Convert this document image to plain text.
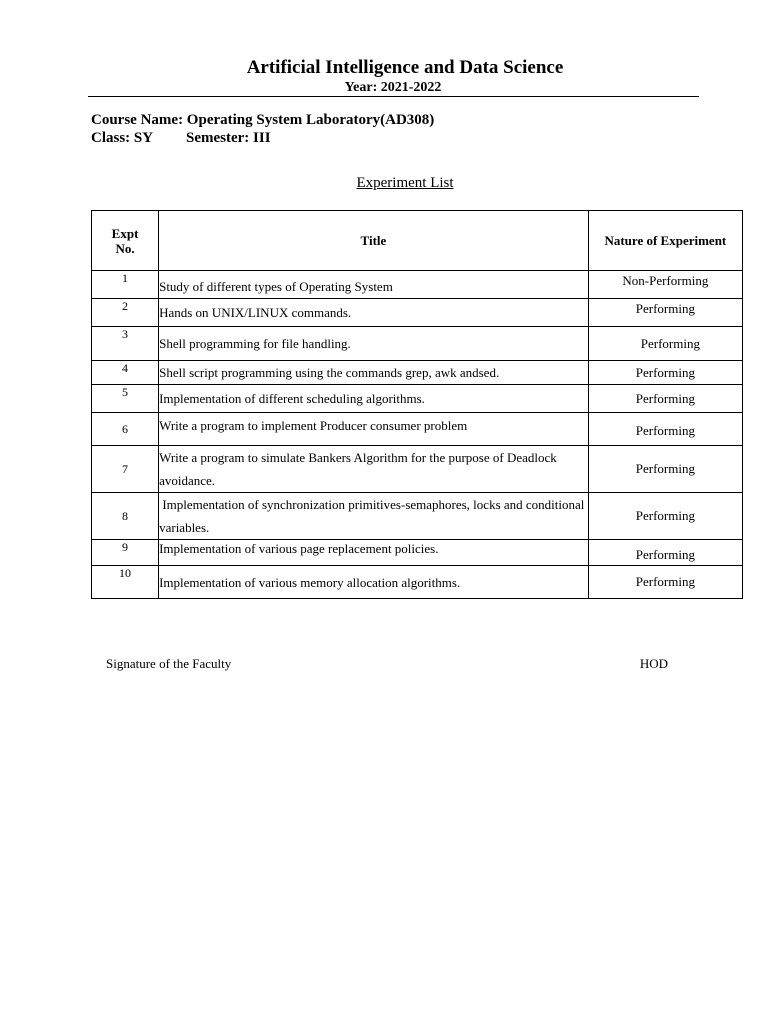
Artificial Intelligence and Data Science
Year: 2021-2022
Course Name: Operating System Laboratory(AD308)
Class: SY Semester: III
Experiment List
Expt
No.	Title	Nature of Experiment
1	Study of different types of Operating System	Non-Performing
2	Hands on UNIX/LINUX commands.	Performing
3	Shell programming for file handling.	Performing
4	Shell script programming using the commands grep, awk andsed.	Performing
5	Implementation of different scheduling algorithms.	Performing
6	Write a program to implement Producer consumer problem	Performing
7	Write a program to simulate Bankers Algorithm for the purpose of Deadlock avoidance.	Performing
8	Implementation of synchronization primitives-semaphores, locks and conditional variables.	Performing
9	Implementation of various page replacement policies.	Performing
10	Implementation of various memory allocation algorithms.	Performing
Signature of the Faculty	HOD
